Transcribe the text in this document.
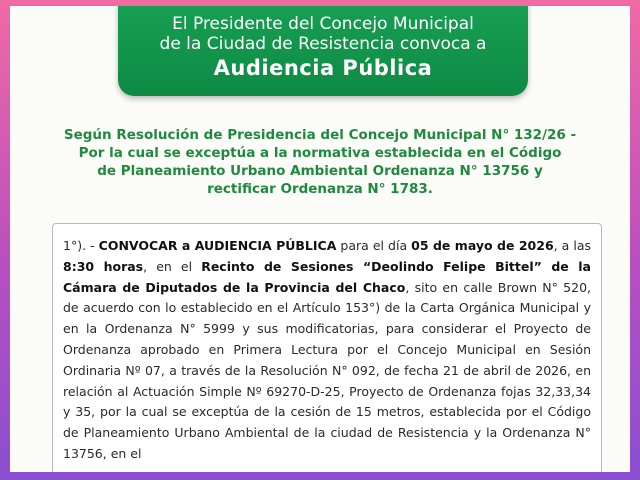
El Presidente del Concejo Municipal
de la Ciudad de Resistencia convoca a
Audiencia Pública
Según Resolución de Presidencia del Concejo Municipal N° 132/26 -
Por la cual se exceptúa a la normativa establecida en el Código
de Planeamiento Urbano Ambiental Ordenanza N° 13756 y
rectificar Ordenanza N° 1783.
1°). - CONVOCAR a AUDIENCIA PÚBLICA para el día 05 de mayo de 2026, a las 8:30 horas, en el Recinto de Sesiones “Deolindo Felipe Bittel” de la Cámara de Diputados de la Provincia del Chaco, sito en calle Brown N° 520, de acuerdo con lo establecido en el Artículo 153°) de la Carta Orgánica Municipal y en la Ordenanza N° 5999 y sus modificatorias, para considerar el Proyecto de Ordenanza aprobado en Primera Lectura por el Concejo Municipal en Sesión Ordinaria Nº 07, a través de la Resolución N° 092, de fecha 21 de abril de 2026, en relación al Actuación Simple Nº 69270-D-25, Proyecto de Ordenanza fojas 32,33,34 y 35, por la cual se exceptúa de la cesión de 15 metros, establecida por el Código de Planeamiento Urbano Ambiental de la ciudad de Resistencia y la Ordenanza N° 13756, en el
